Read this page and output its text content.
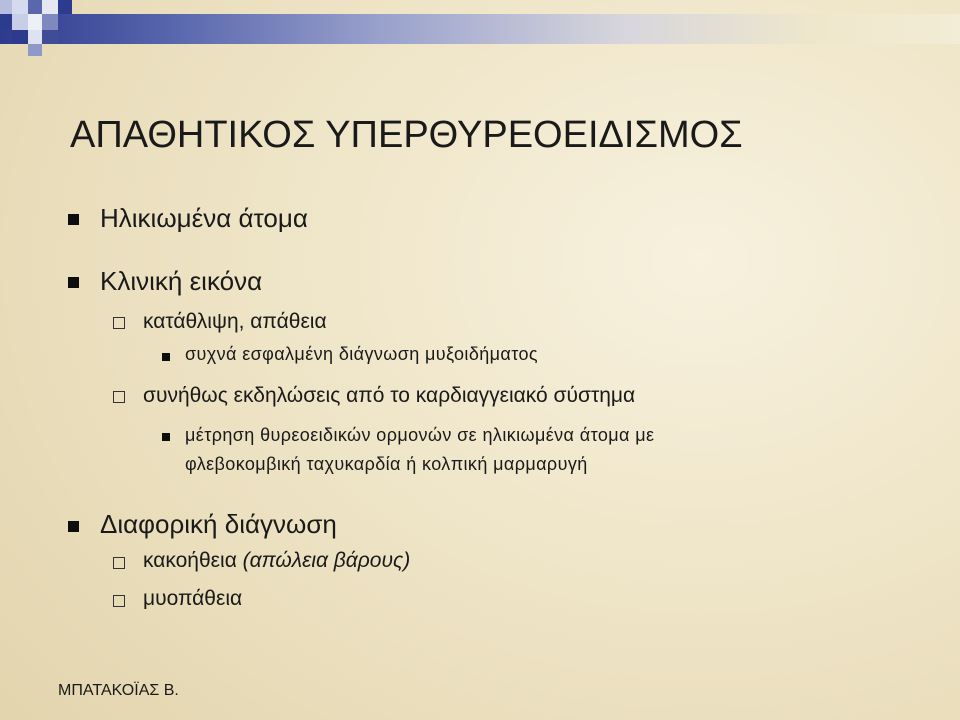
ΑΠΑΘΗΤΙΚΟΣ ΥΠΕΡΘΥΡΕΟΕΙΔΙΣΜΟΣ
Ηλικιωμένα άτομα
Κλινική εικόνα
κατάθλιψη, απάθεια
συχνά εσφαλμένη διάγνωση μυξοιδήματος
συνήθως εκδηλώσεις από το καρδιαγγειακό σύστημα
μέτρηση θυρεοειδικών ορμονών σε ηλικιωμένα άτομα με
φλεβοκομβική ταχυκαρδία ή κολπική μαρμαρυγή
Διαφορική διάγνωση
κακοήθεια (απώλεια βάρους)
μυοπάθεια
ΜΠΑΤΑΚΟΪΑΣ Β.
